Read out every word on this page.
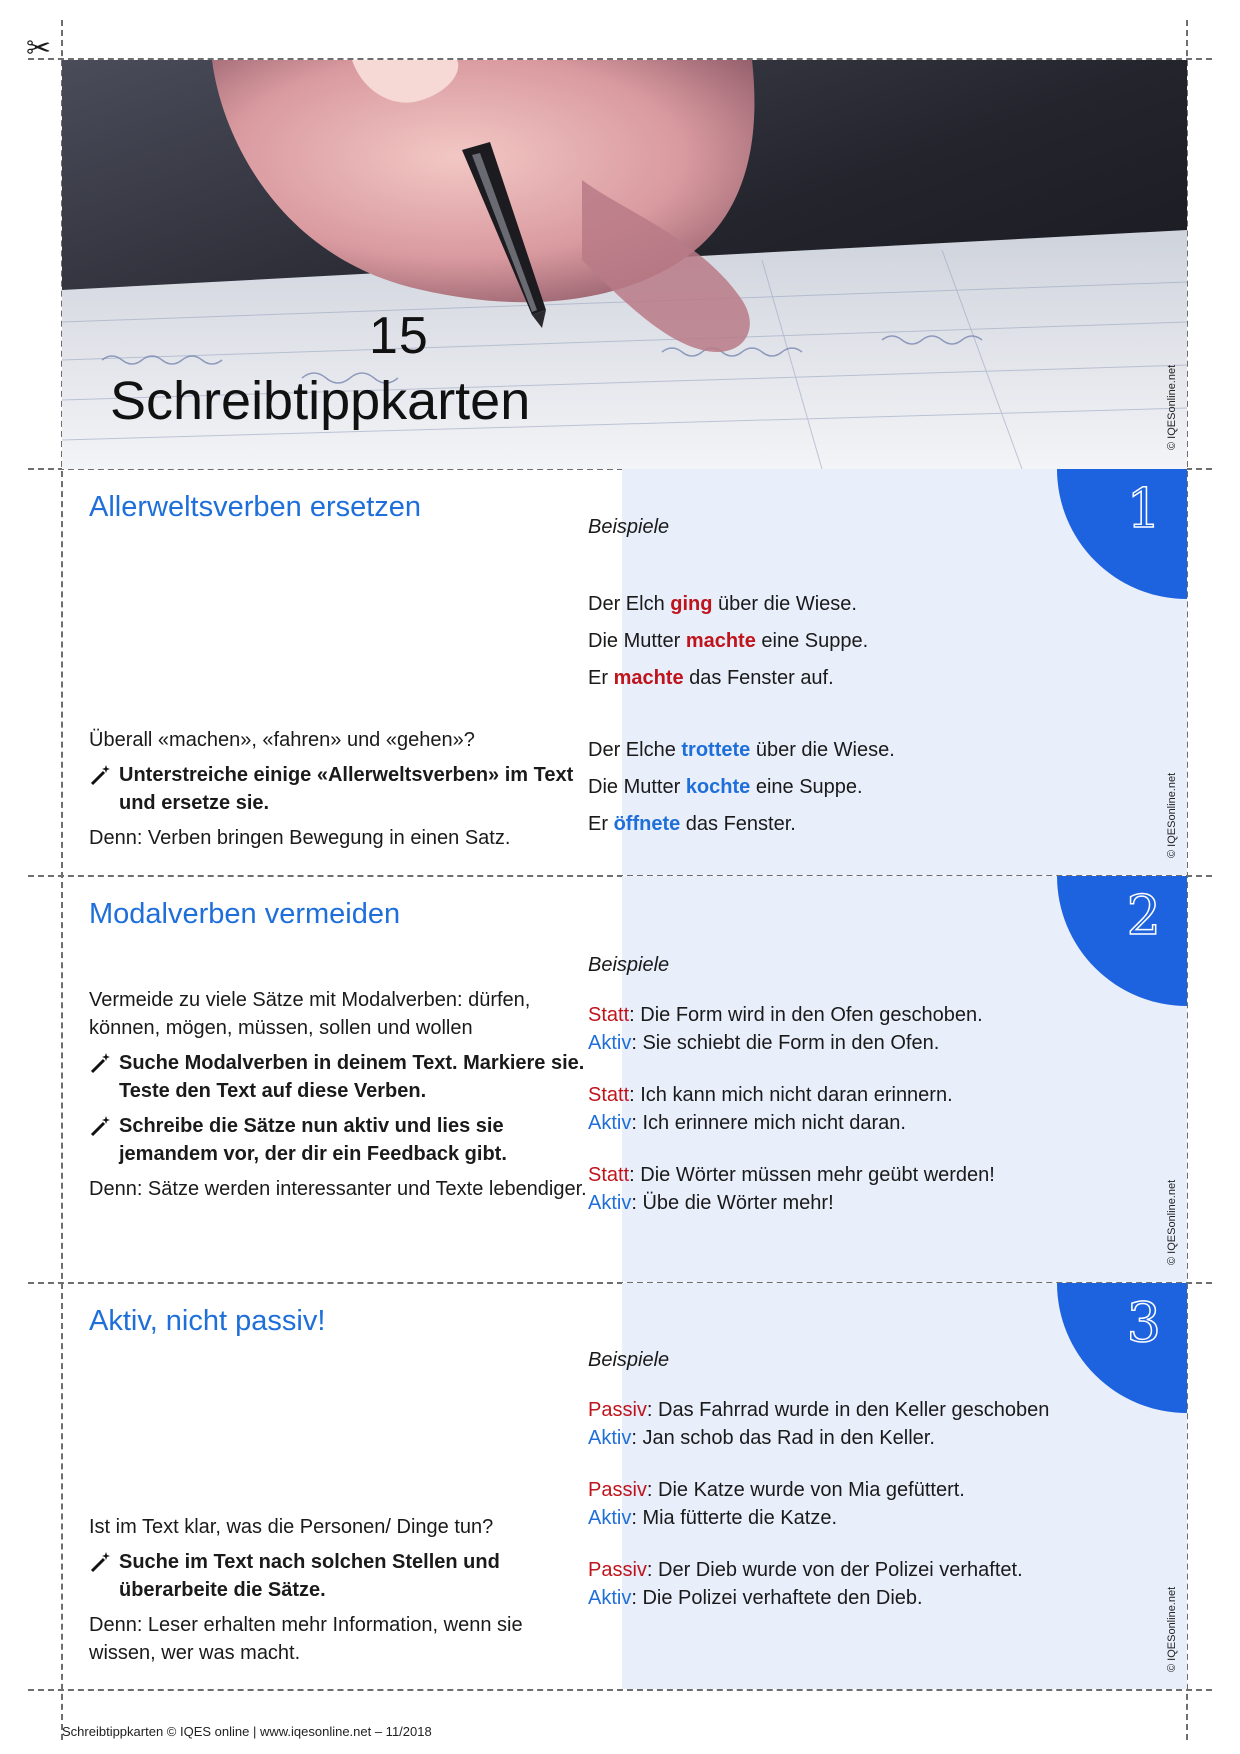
✂
15
Schreibtippkarten	© IQESonline.net
1
Allerweltsverben ersetzen

Überall «machen», «fahren» und «gehen»?

Unterstreiche einige «Allerweltsverben» im Text und ersetze sie.

Denn: Verben bringen Bewegung in einen Satz.

Beispiele
Der Elch ging über die Wiese.
Die Mutter machte eine Suppe.
Er machte das Fenster auf.
Der Elche trottete über die Wiese.
Die Mutter kochte eine Suppe.
Er öffnete das Fenster.	© IQESonline.net
2
Modalverben vermeiden

Vermeide zu viele Sätze mit Modalverben: dürfen, können, mögen, müssen, sollen und wollen

Suche Modalverben in deinem Text. Markiere sie. Teste den Text auf diese Verben.
Schreibe die Sätze nun aktiv und lies sie jemandem vor, der dir ein Feedback gibt.

Denn: Sätze werden interessanter und Texte lebendiger.

Beispiele
Statt: Die Form wird in den Ofen geschoben.
Aktiv: Sie schiebt die Form in den Ofen.
Statt: Ich kann mich nicht daran erinnern.
Aktiv: Ich erinnere mich nicht daran.
Statt: Die Wörter müssen mehr geübt werden!
Aktiv: Übe die Wörter mehr!	© IQESonline.net
3
Aktiv, nicht passiv!

Ist im Text klar, was die Personen/ Dinge tun?

Suche im Text nach solchen Stellen und überarbeite die Sätze.

Denn: Leser erhalten mehr Information, wenn sie wissen, wer was macht.

Beispiele
Passiv: Das Fahrrad wurde in den Keller geschoben
Aktiv: Jan schob das Rad in den Keller.
Passiv: Die Katze wurde von Mia gefüttert.
Aktiv: Mia fütterte die Katze.
Passiv: Der Dieb wurde von der Polizei verhaftet.
Aktiv: Die Polizei verhaftete den Dieb.	© IQESonline.net
Schreibtippkarten © IQES online | www.iqesonline.net – 11/2018
